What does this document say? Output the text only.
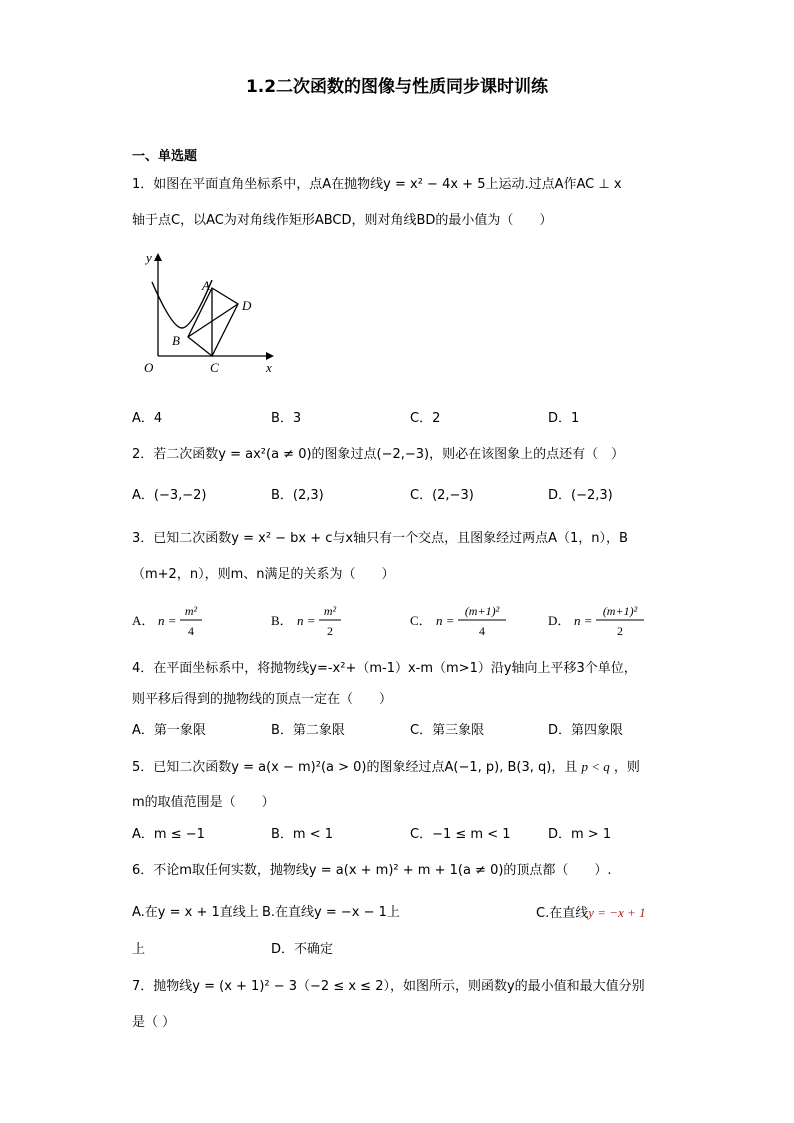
1.2二次函数的图像与性质同步课时训练
一、单选题
1．如图在平面直角坐标系中，点A在抛物线y = x² − 4x + 5上运动.过点A作AC ⊥ x
轴于点C，以AC为对角线作矩形ABCD，则对角线BD的最小值为（　　）
y
x
O
A
B
C
D
A．4	B．3	C．2	D．1
2．若二次函数y = ax²(a ≠ 0)的图象过点(−2,−3)，则必在该图象上的点还有（　）
A．(−3,−2)	B．(2,3)	C．(2,−3)	D．(−2,3)
3．已知二次函数y = x² − bx + c与x轴只有一个交点，且图象经过两点A（1，n），B
（m+2，n），则m、n满足的关系为（　　）
A． n =
m²
4
B． n =
m²
2
C． n =
(m+1)²
4
D． n =
(m+1)²
2
4．在平面坐标系中，将抛物线y=-x²+（m-1）x-m（m>1）沿y轴向上平移3个单位，
则平移后得到的抛物线的顶点一定在（　　）
A．第一象限	B．第二象限	C．第三象限	D．第四象限
5．已知二次函数y = a(x − m)²(a > 0)的图象经过点A(−1, p), B(3, q)，且 p < q ，则
m的取值范围是（　　）
A．m ≤ −1	B．m < 1	C．−1 ≤ m < 1	D．m > 1
6．不论m取任何实数，抛物线y = a(x + m)² + m + 1(a ≠ 0)的顶点都（　　）.
A.在y = x + 1直线上 B.在直线y = −x − 1上	C.在直线y = −x + 1
上	D．不确定
7．抛物线y = (x + 1)² − 3（−2 ≤ x ≤ 2），如图所示，则函数y的最小值和最大值分别
是（ ）
